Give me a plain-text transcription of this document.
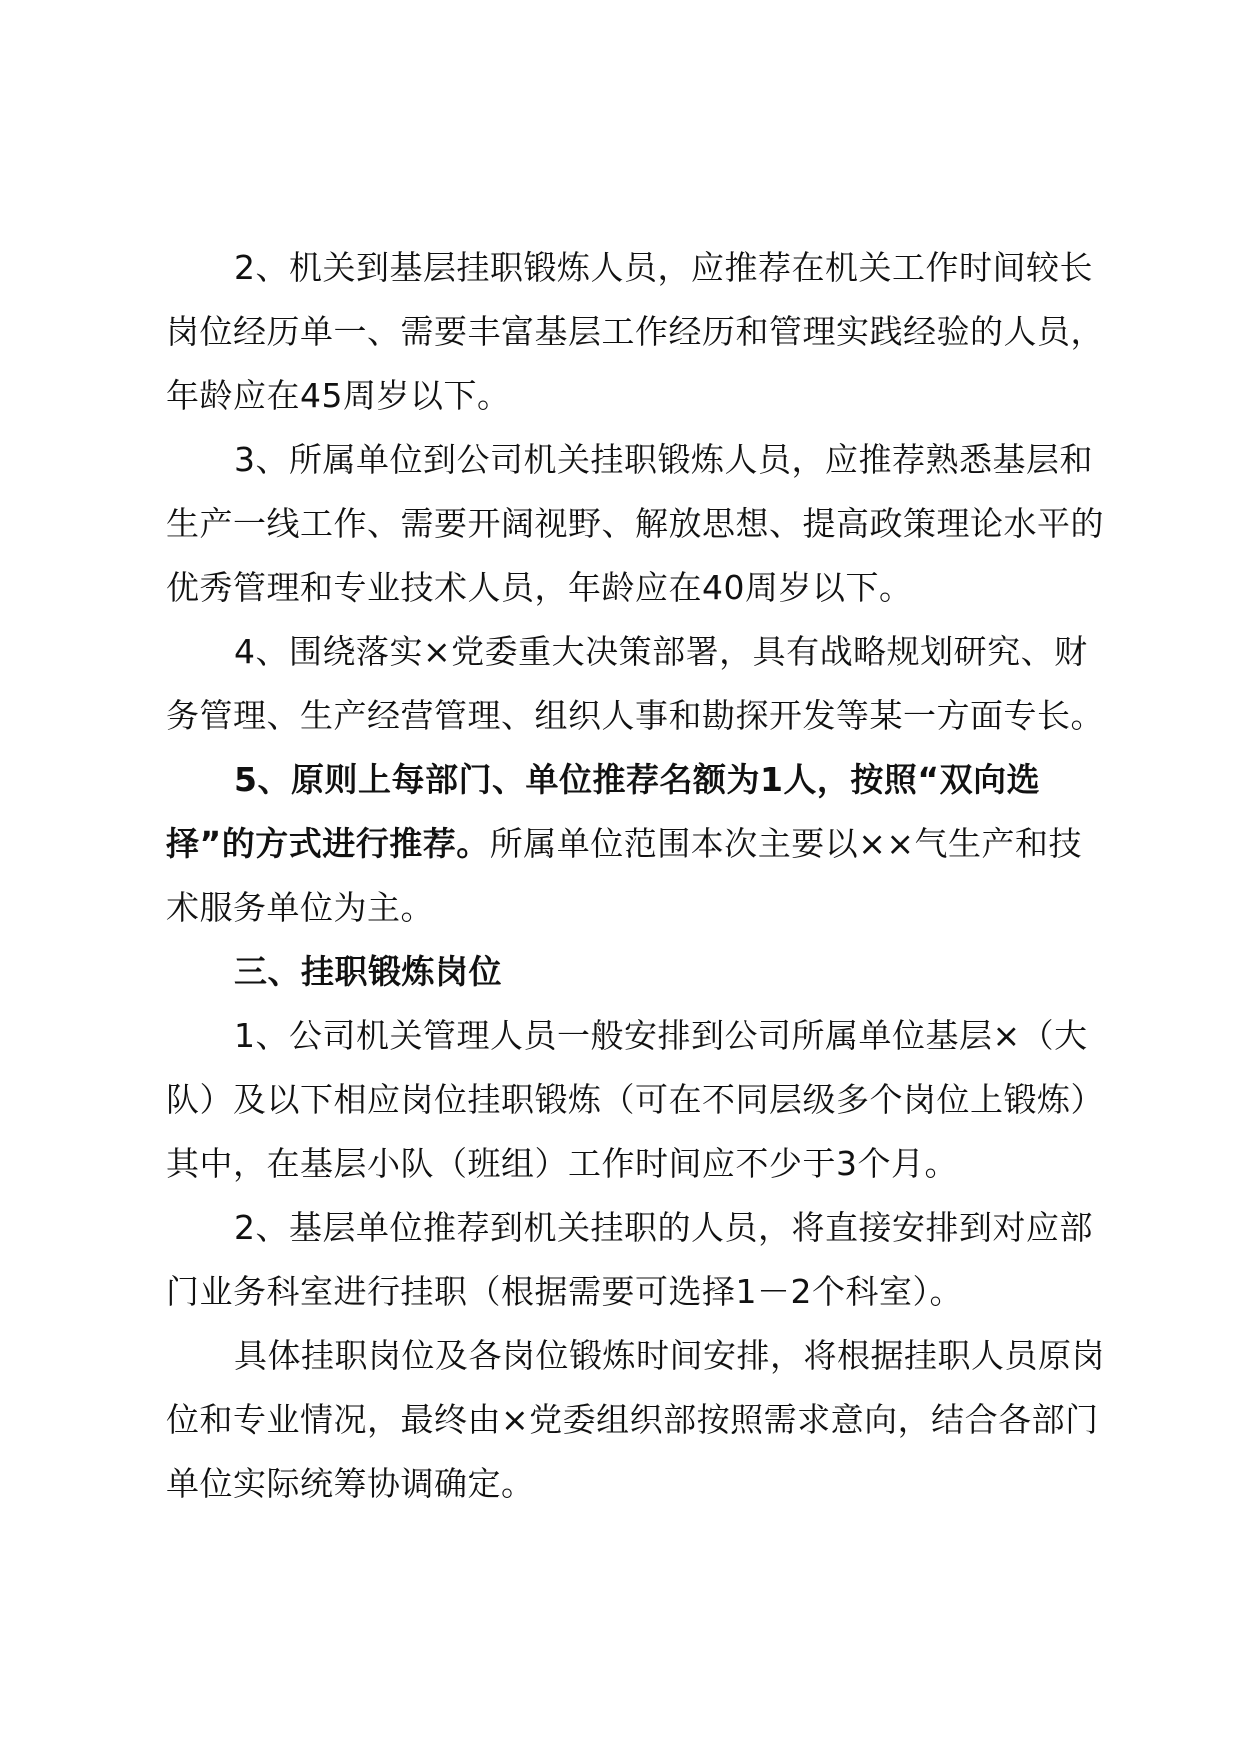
2、机关到基层挂职锻炼人员，应推荐在机关工作时间较长岗位经历单一、需要丰富基层工作经历和管理实践经验的人员，年龄应在45周岁以下。

3、所属单位到公司机关挂职锻炼人员，应推荐熟悉基层和生产一线工作、需要开阔视野、解放思想、提高政策理论水平的优秀管理和专业技术人员，年龄应在40周岁以下。

4、围绕落实×党委重大决策部署，具有战略规划研究、财务管理、生产经营管理、组织人事和勘探开发等某一方面专长。

5、原则上每部门、单位推荐名额为1人，按照“双向选择”的方式进行推荐。所属单位范围本次主要以××气生产和技术服务单位为主。

三、挂职锻炼岗位

1、公司机关管理人员一般安排到公司所属单位基层×（大队）及以下相应岗位挂职锻炼（可在不同层级多个岗位上锻炼）其中，在基层小队（班组）工作时间应不少于3个月。

2、基层单位推荐到机关挂职的人员，将直接安排到对应部门业务科室进行挂职（根据需要可选择1－2个科室）。

具体挂职岗位及各岗位锻炼时间安排，将根据挂职人员原岗位和专业情况，最终由×党委组织部按照需求意向，结合各部门单位实际统筹协调确定。
